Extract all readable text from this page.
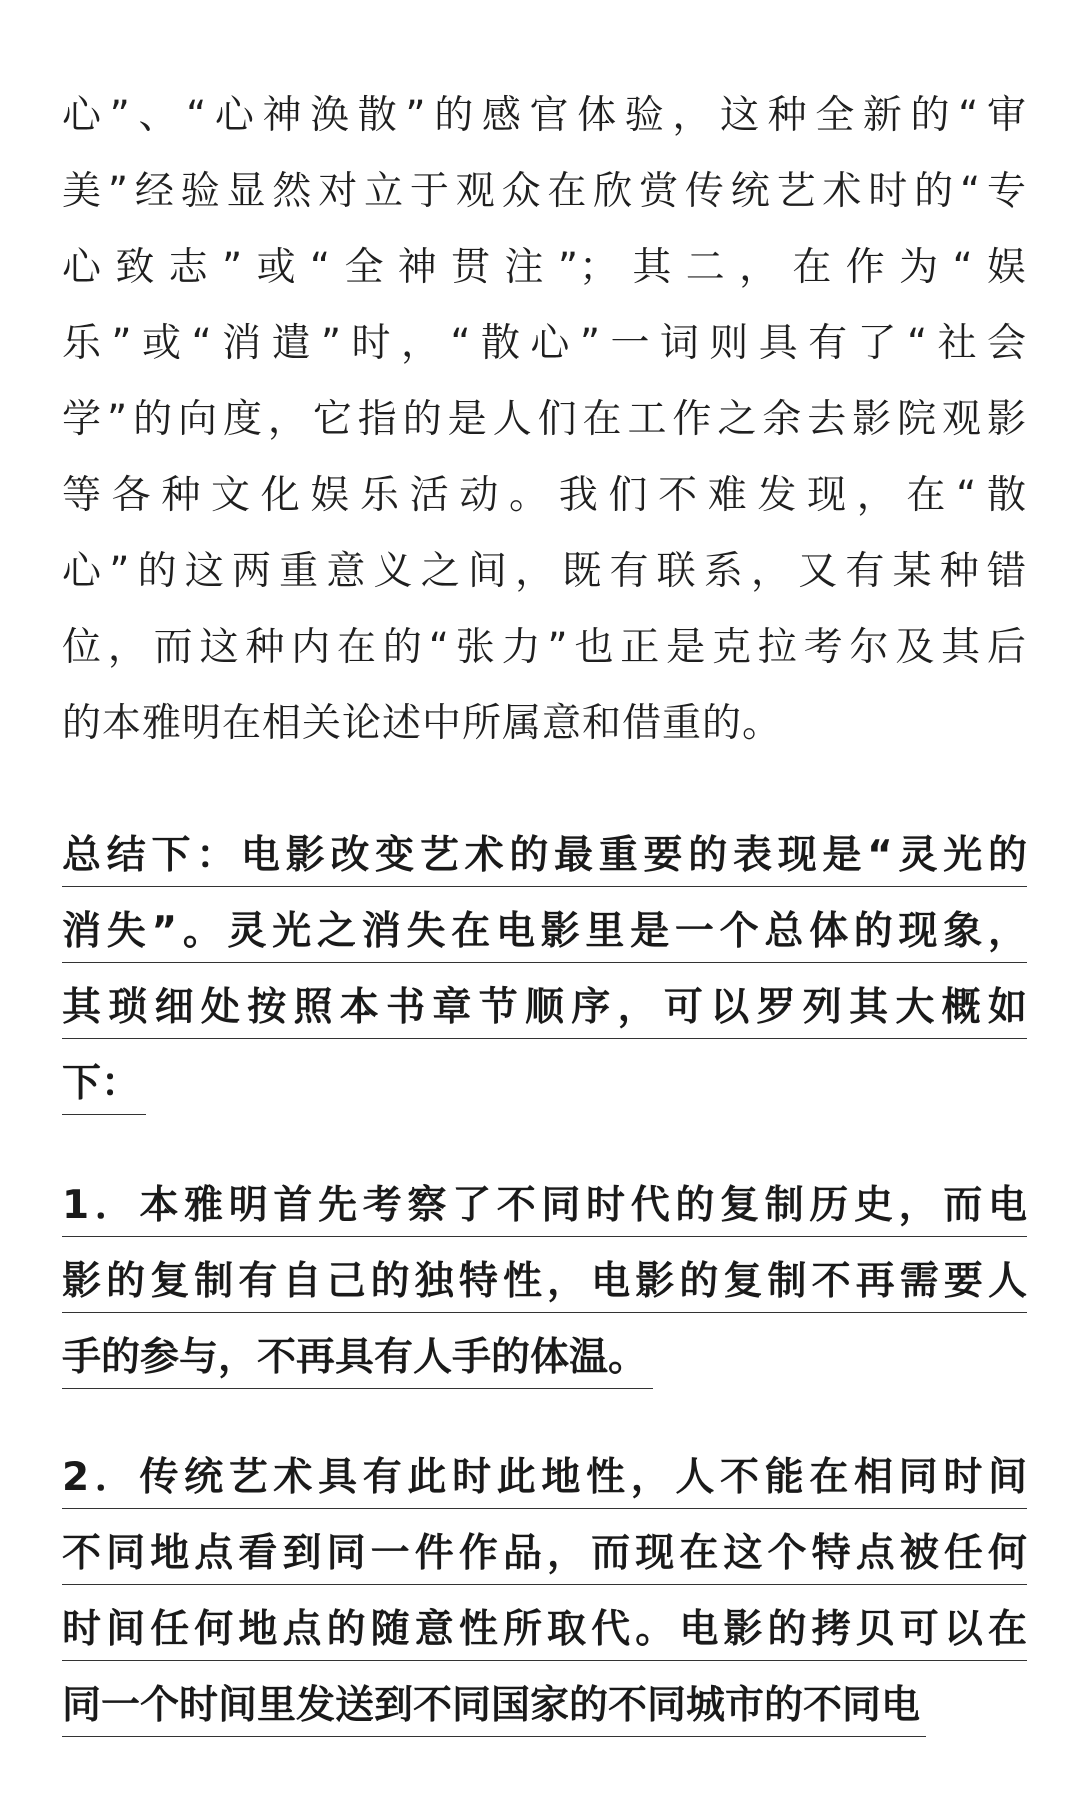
心”、“心神涣散”的感官体验，这种全新的“审
美”经验显然对立于观众在欣赏传统艺术时的“专
心致志”或“全神贯注”；其二，在作为“娱
乐”或“消遣”时，“散心”一词则具有了“社会
学”的向度，它指的是人们在工作之余去影院观影
等各种文化娱乐活动。我们不难发现，在“散
心”的这两重意义之间，既有联系，又有某种错
位，而这种内在的“张力”也正是克拉考尔及其后
的本雅明在相关论述中所属意和借重的。
总结下：电影改变艺术的最重要的表现是“灵光的
消失”。灵光之消失在电影里是一个总体的现象，
其琐细处按照本书章节顺序，可以罗列其大概如
下：
1．本雅明首先考察了不同时代的复制历史，而电
影的复制有自己的独特性，电影的复制不再需要人
手的参与，不再具有人手的体温。
2．传统艺术具有此时此地性，人不能在相同时间
不同地点看到同一件作品，而现在这个特点被任何
时间任何地点的随意性所取代。电影的拷贝可以在
同一个时间里发送到不同国家的不同城市的不同电
